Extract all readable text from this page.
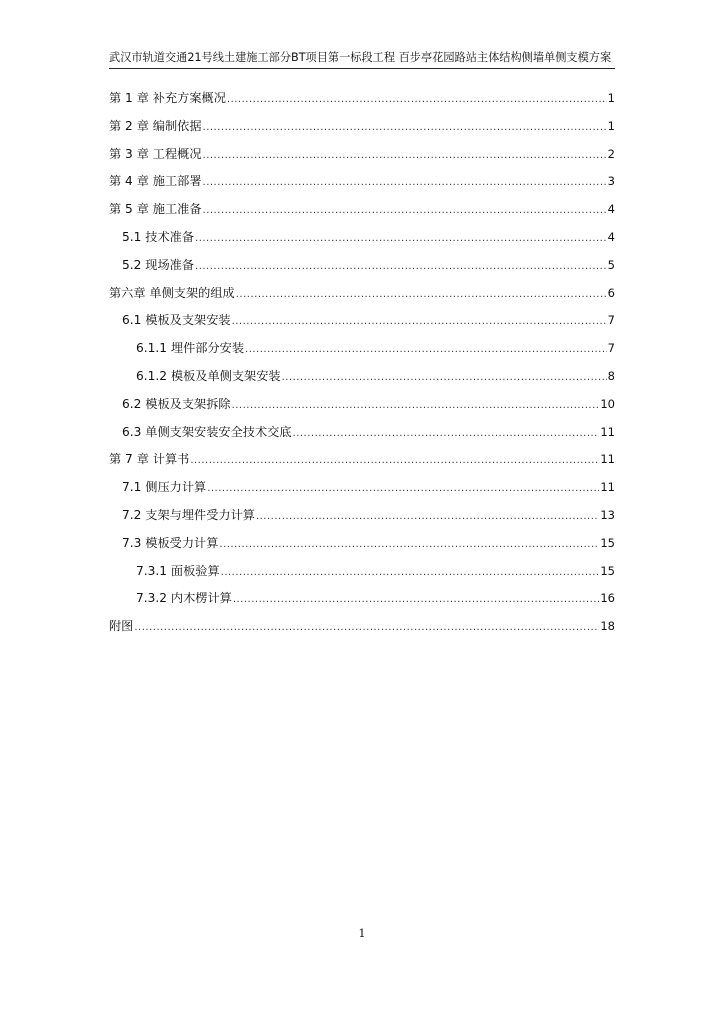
武汉市轨道交通21号线土建施工部分BT项目第一标段工程 百步亭花园路站主体结构侧墙单侧支模方案
第 1 章 补充方案概况 .....	1
第 2 章 编制依据 .....	1
第 3 章 工程概况 .....	2
第 4 章 施工部署 .....	3
第 5 章 施工准备 .....	4
5.1 技术准备 .....	4
5.2 现场准备 .....	5
第六章 单侧支架的组成 .....	6
6.1 模板及支架安装 .....	7
6.1.1 埋件部分安装 .....	7
6.1.2 模板及单侧支架安装 .....	8
6.2 模板及支架拆除 .....	10
6.3 单侧支架安装安全技术交底 .....	11
第 7 章 计算书 .....	11
7.1 侧压力计算 .....	11
7.2 支架与埋件受力计算 .....	13
7.3 模板受力计算 .....	15
7.3.1 面板验算 .....	15
7.3.2 内木楞计算 .....	16
附图 .....	18
1
